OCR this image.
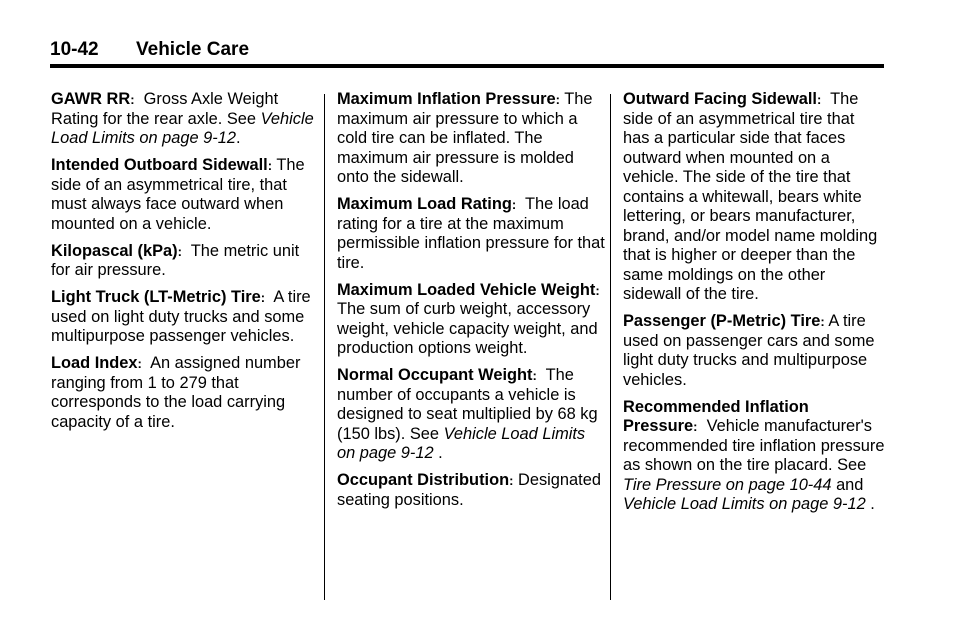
10-42 Vehicle Care
GAWR RR: Gross Axle Weight Rating for the rear axle. See Vehicle Load Limits on page 9-12.
Intended Outboard Sidewall: The side of an asymmetrical tire, that must always face outward when mounted on a vehicle.
Kilopascal (kPa): The metric unit for air pressure.
Light Truck (LT-Metric) Tire: A tire used on light duty trucks and some multipurpose passenger vehicles.
Load Index: An assigned number ranging from 1 to 279 that corresponds to the load carrying capacity of a tire.
Maximum Inflation Pressure: The maximum air pressure to which a cold tire can be inflated. The maximum air pressure is molded onto the sidewall.
Maximum Load Rating: The load rating for a tire at the maximum permissible inflation pressure for that tire.
Maximum Loaded Vehicle Weight:  The sum of curb weight, accessory weight, vehicle capacity weight, and production options weight.
Normal Occupant Weight: The number of occupants a vehicle is designed to seat multiplied by 68 kg (150 lbs). See Vehicle Load Limits on page 9-12 .
Occupant Distribution: Designated seating positions.
Outward Facing Sidewall: The side of an asymmetrical tire that has a particular side that faces outward when mounted on a vehicle. The side of the tire that contains a whitewall, bears white lettering, or bears manufacturer, brand, and/or model name molding that is higher or deeper than the same moldings on the other sidewall of the tire.
Passenger (P-Metric) Tire: A tire used on passenger cars and some light duty trucks and multipurpose vehicles.
Recommended Inflation Pressure: Vehicle manufacturer's recommended tire inflation pressure as shown on the tire placard. See Tire Pressure on page 10-44 and Vehicle Load Limits on page 9-12 .
